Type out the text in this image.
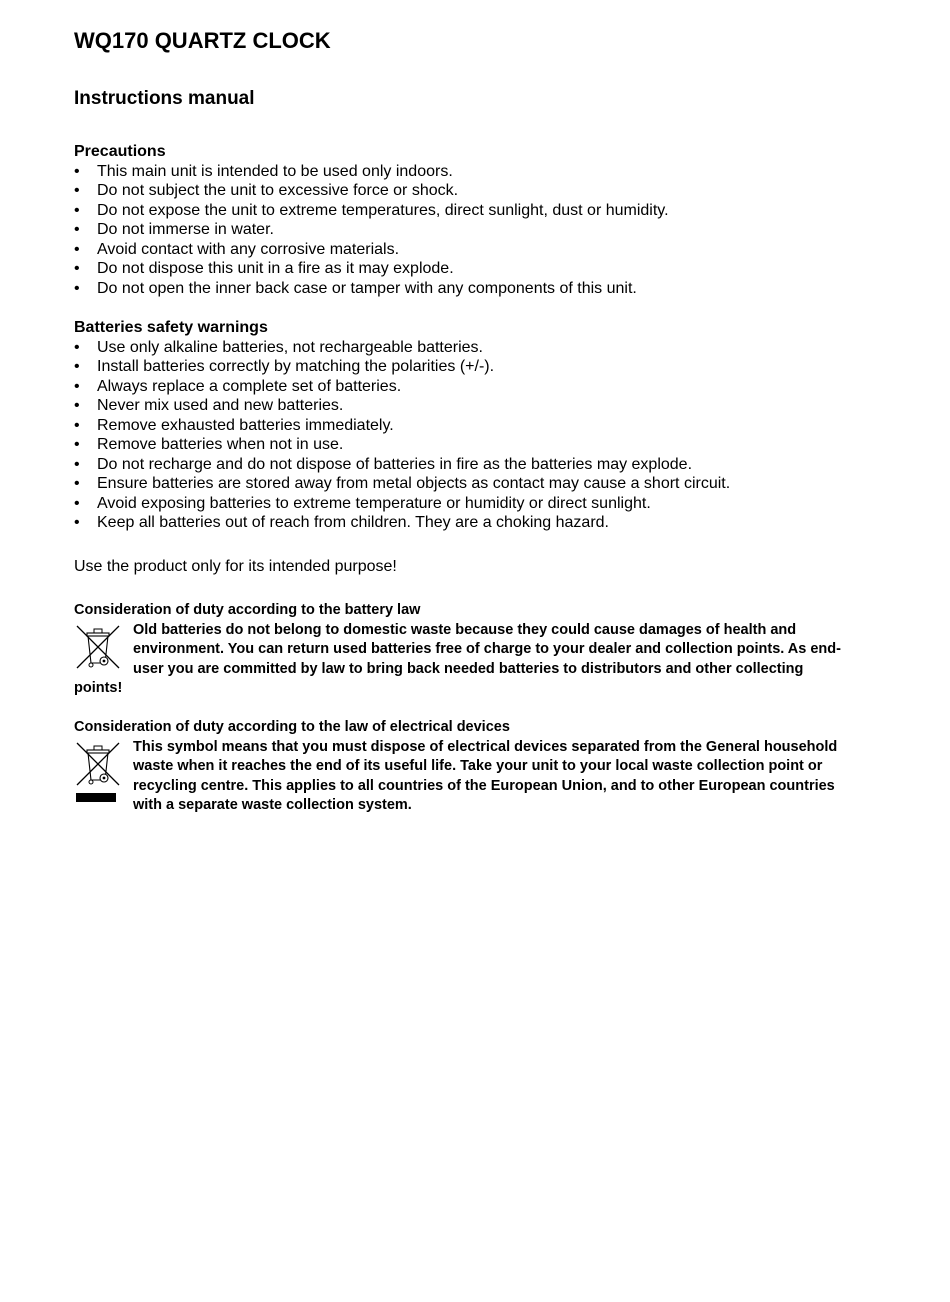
WQ170 QUARTZ CLOCK
Instructions manual
Precautions
• This main unit is intended to be used only indoors.
• Do not subject the unit to excessive force or shock.
• Do not expose the unit to extreme temperatures, direct sunlight, dust or humidity.
• Do not immerse in water.
• Avoid contact with any corrosive materials.
• Do not dispose this unit in a fire as it may explode.
• Do not open the inner back case or tamper with any components of this unit.
Batteries safety warnings
• Use only alkaline batteries, not rechargeable batteries.
• Install batteries correctly by matching the polarities (+/-).
• Always replace a complete set of batteries.
• Never mix used and new batteries.
• Remove exhausted batteries immediately.
• Remove batteries when not in use.
• Do not recharge and do not dispose of batteries in fire as the batteries may explode.
• Ensure batteries are stored away from metal objects as contact may cause a short circuit.
• Avoid exposing batteries to extreme temperature or humidity or direct sunlight.
• Keep all batteries out of reach from children. They are a choking hazard.
Use the product only for its intended purpose!
Consideration of duty according to the battery law
Old batteries do not belong to domestic waste because they could cause damages of health and environment. You can return used batteries free of charge to your dealer and collection points. As end-user you are committed by law to bring back needed batteries to distributors and other collecting points!
Consideration of duty according to the law of electrical devices
This symbol means that you must dispose of electrical devices separated from the General household waste when it reaches the end of its useful life. Take your unit to your local waste collection point or recycling centre. This applies to all countries of the European Union, and to other European countries with a separate waste collection system.
